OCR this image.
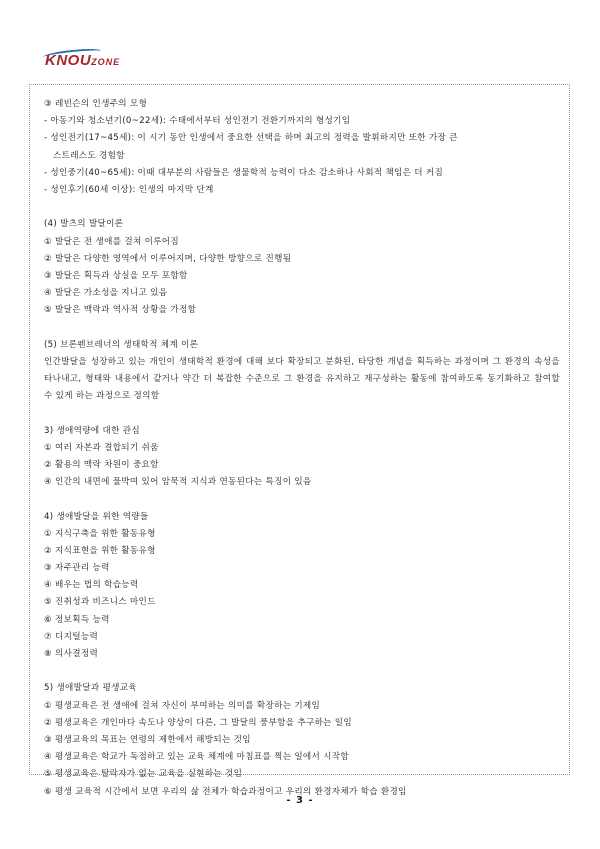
KNOUZONE
③ 레빈슨의 인생주의 모형
- 아동기와 청소년기(0~22세): 수태에서부터 성인전기 전환기까지의 형성기임
- 성인전기(17~45세): 이 시기 동안 인생에서 중요한 선택을 하며 최고의 정력을 발휘하지만 또한 가장 큰
스트레스도 경험함
- 성인중기(40~65세): 이때 대부분의 사람들은 생물학적 능력이 다소 감소하나 사회적 책임은 더 커짐
- 성인후기(60세 이상): 인생의 마지막 단계
(4) 발츠의 발달이론
① 발달은 전 생애를 걸쳐 이루어짐
② 발달은 다양한 영역에서 이루어지며, 다양한 방향으로 진행됨
③ 발달은 획득과 상실을 모두 포함함
④ 발달은 가소성을 지니고 있음
⑤ 발달은 맥락과 역사적 상황을 가정함
(5) 브론펜브레너의 생태학적 체계 이론
인간발달을 성장하고 있는 개인이 생태학적 환경에 대해 보다 확장되고 분화된, 타당한 개념을 획득하는 과정이며 그 환경의 속성을 타나내고, 형태와 내용에서 같거나 약간 더 복잡한 수준으로 그 환경을 유지하고 재구성하는 활동에 참여하도록 동기화하고 참여할 수 있게 하는 과정으로 정의함
3) 생애역량에 대한 관심
① 여러 자본과 결합되기 쉬움
② 활용의 맥락 차원이 중요함
④ 인간의 내면에 물박여 있어 암묵적 지식과 연동된다는 특징이 있음
4) 생애발달을 위한 역량들
① 지식구축을 위한 활동유형
② 지식표현을 위한 활동유형
③ 자주관리 능력
④ 배우는 법의 학습능력
⑤ 진취성과 비즈니스 마인드
⑥ 정보획득 능력
⑦ 디지털능력
⑧ 의사결정력
5) 생애발달과 평생교육
① 평생교육은 전 생애에 걸쳐 자신이 부여하는 의미를 확장하는 기제임
② 평생교육은 개인마다 속도나 양상이 다른, 그 발달의 풍부함을 추구하는 일임
③ 평생교육의 목표는 연령의 제한에서 해방되는 것임
④ 평생교육은 학교가 독점하고 있는 교육 체계에 마침표를 찍는 일에서 시작함
⑤ 평생교육은 탈락자가 없는 교육을 실현하는 것임
⑥ 평생 교육적 시간에서 보면 우리의 삶 전체가 학습과정이고 우리의 환경자체가 학습 환경임
- 3 -
